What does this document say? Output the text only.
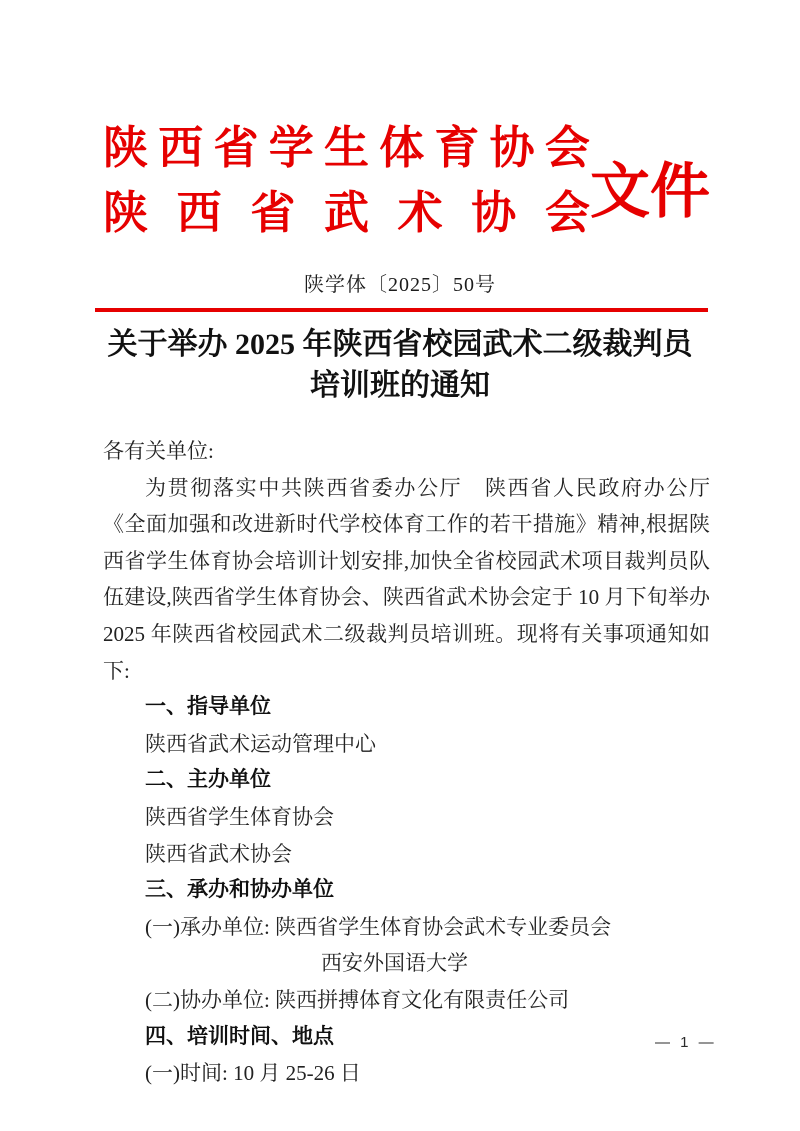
陕 西 省 学 生 体 育 协 会
陕 西 省 武 术 协 会 文件
陕学体〔2025〕50号
关于举办 2025 年陕西省校园武术二级裁判员
培训班的通知

各有关单位:

为贯彻落实中共陕西省委办公厅　陕西省人民政府办公厅《全面加强和改进新时代学校体育工作的若干措施》精神,根据陕西省学生体育协会培训计划安排,加快全省校园武术项目裁判员队伍建设,陕西省学生体育协会、陕西省武术协会定于 10 月下旬举办 2025 年陕西省校园武术二级裁判员培训班。现将有关事项通知如下:

一、指导单位

陕西省武术运动管理中心

二、主办单位

陕西省学生体育协会

陕西省武术协会

三、承办和协办单位

(一)承办单位: 陕西省学生体育协会武术专业委员会

西安外国语大学

(二)协办单位: 陕西拼搏体育文化有限责任公司

四、培训时间、地点

(一)时间: 10 月 25-26 日

— 1 —
